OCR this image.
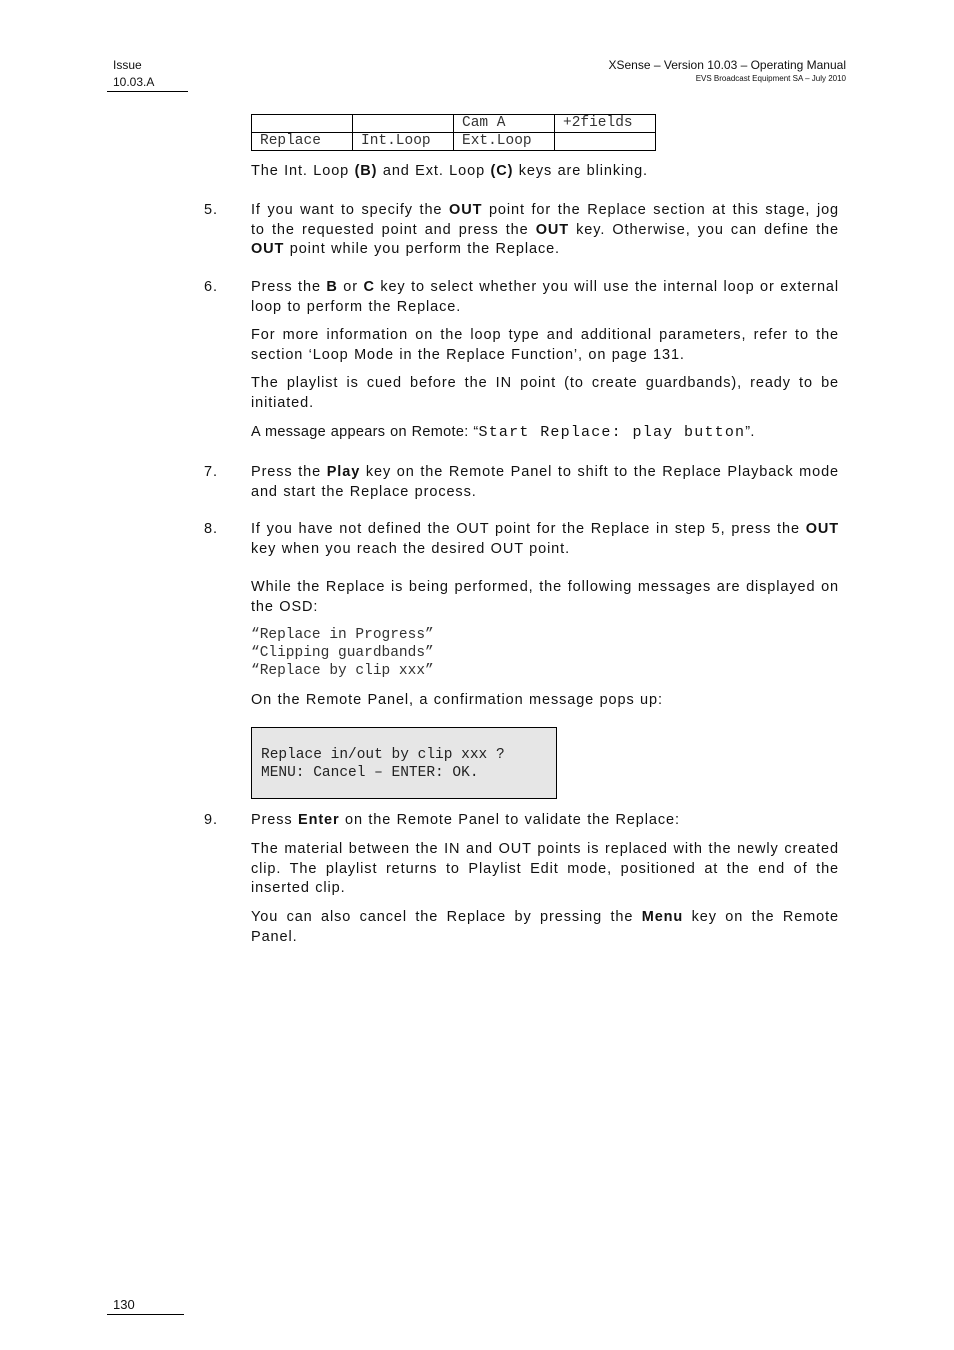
Issue
10.03.A
XSense – Version 10.03 – Operating Manual
EVS Broadcast Equipment SA – July 2010
		Cam A	+2fields
Replace	Int.Loop	Ext.Loop	
The Int. Loop (B) and Ext. Loop (C) keys are blinking.
5. If you want to specify the OUT point for the Replace section at this stage, jog to the requested point and press the OUT key. Otherwise, you can define the OUT point while you perform the Replace.
6. Press the B or C key to select whether you will use the internal loop or external loop to perform the Replace.
For more information on the loop type and additional parameters, refer to the section ‘Loop Mode in the Replace Function’, on page 131.
The playlist is cued before the IN point (to create guardbands), ready to be initiated.
A message appears on Remote: “Start Replace: play button”.
7. Press the Play key on the Remote Panel to shift to the Replace Playback mode and start the Replace process.
8. If you have not defined the OUT point for the Replace in step 5, press the OUT key when you reach the desired OUT point.
While the Replace is being performed, the following messages are displayed on the OSD:
“Replace in Progress”
“Clipping guardbands”
“Replace by clip xxx”
On the Remote Panel, a confirmation message pops up:
Replace in/out by clip xxx ?
MENU: Cancel – ENTER: OK.
9. Press Enter on the Remote Panel to validate the Replace:
The material between the IN and OUT points is replaced with the newly created clip. The playlist returns to Playlist Edit mode, positioned at the end of the inserted clip.
You can also cancel the Replace by pressing the Menu key on the Remote Panel.
130
